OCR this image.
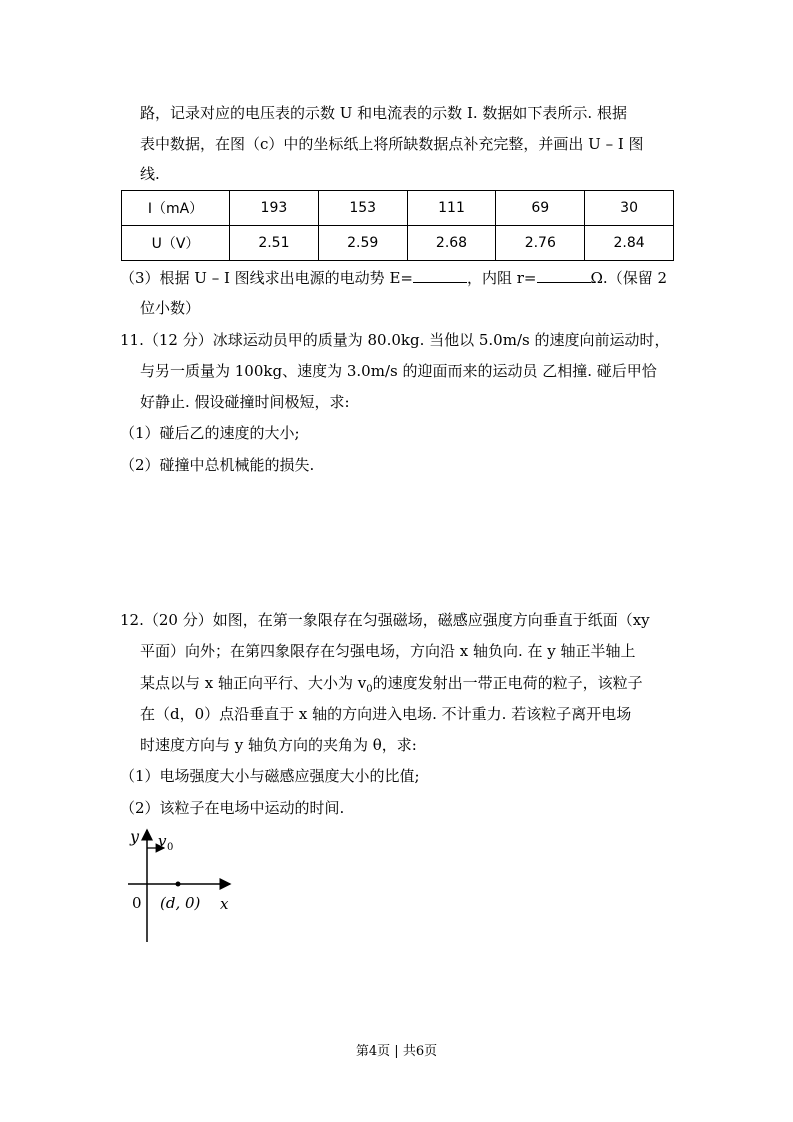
路，记录对应的电压表的示数 U 和电流表的示数 I. 数据如下表所示. 根据
表中数据，在图（c）中的坐标纸上将所缺数据点补充完整，并画出 U – I 图
线.
I（mA）	193	153	111	69	30
U（V）	2.51	2.59	2.68	2.76	2.84
（3）根据 U – I 图线求出电源的电动势 E=	，内阻 r=	Ω.（保留 2
位小数）
11.（12 分）冰球运动员甲的质量为 80.0kg. 当他以 5.0m/s 的速度向前运动时，
与另一质量为 100kg、速度为 3.0m/s 的迎面而来的运动员 乙相撞. 碰后甲恰
好静止. 假设碰撞时间极短，求:
（1）碰后乙的速度的大小;
（2）碰撞中总机械能的损失.
12.（20 分）如图，在第一象限存在匀强磁场，磁感应强度方向垂直于纸面（xy
平面）向外；在第四象限存在匀强电场，方向沿 x 轴负向. 在 y 轴正半轴上
某点以与 x 轴正向平行、大小为 $v_0$的速度发射出一带正电荷的粒子，该粒子
在（d，0）点沿垂直于 x 轴的方向进入电场. 不计重力. 若该粒子离开电场
时速度方向与 y 轴负方向的夹角为 θ，求:
（1）电场强度大小与磁感应强度大小的比值;
（2）该粒子在电场中运动的时间.
y v 0
0 (d, 0) x
第4页 | 共6页
